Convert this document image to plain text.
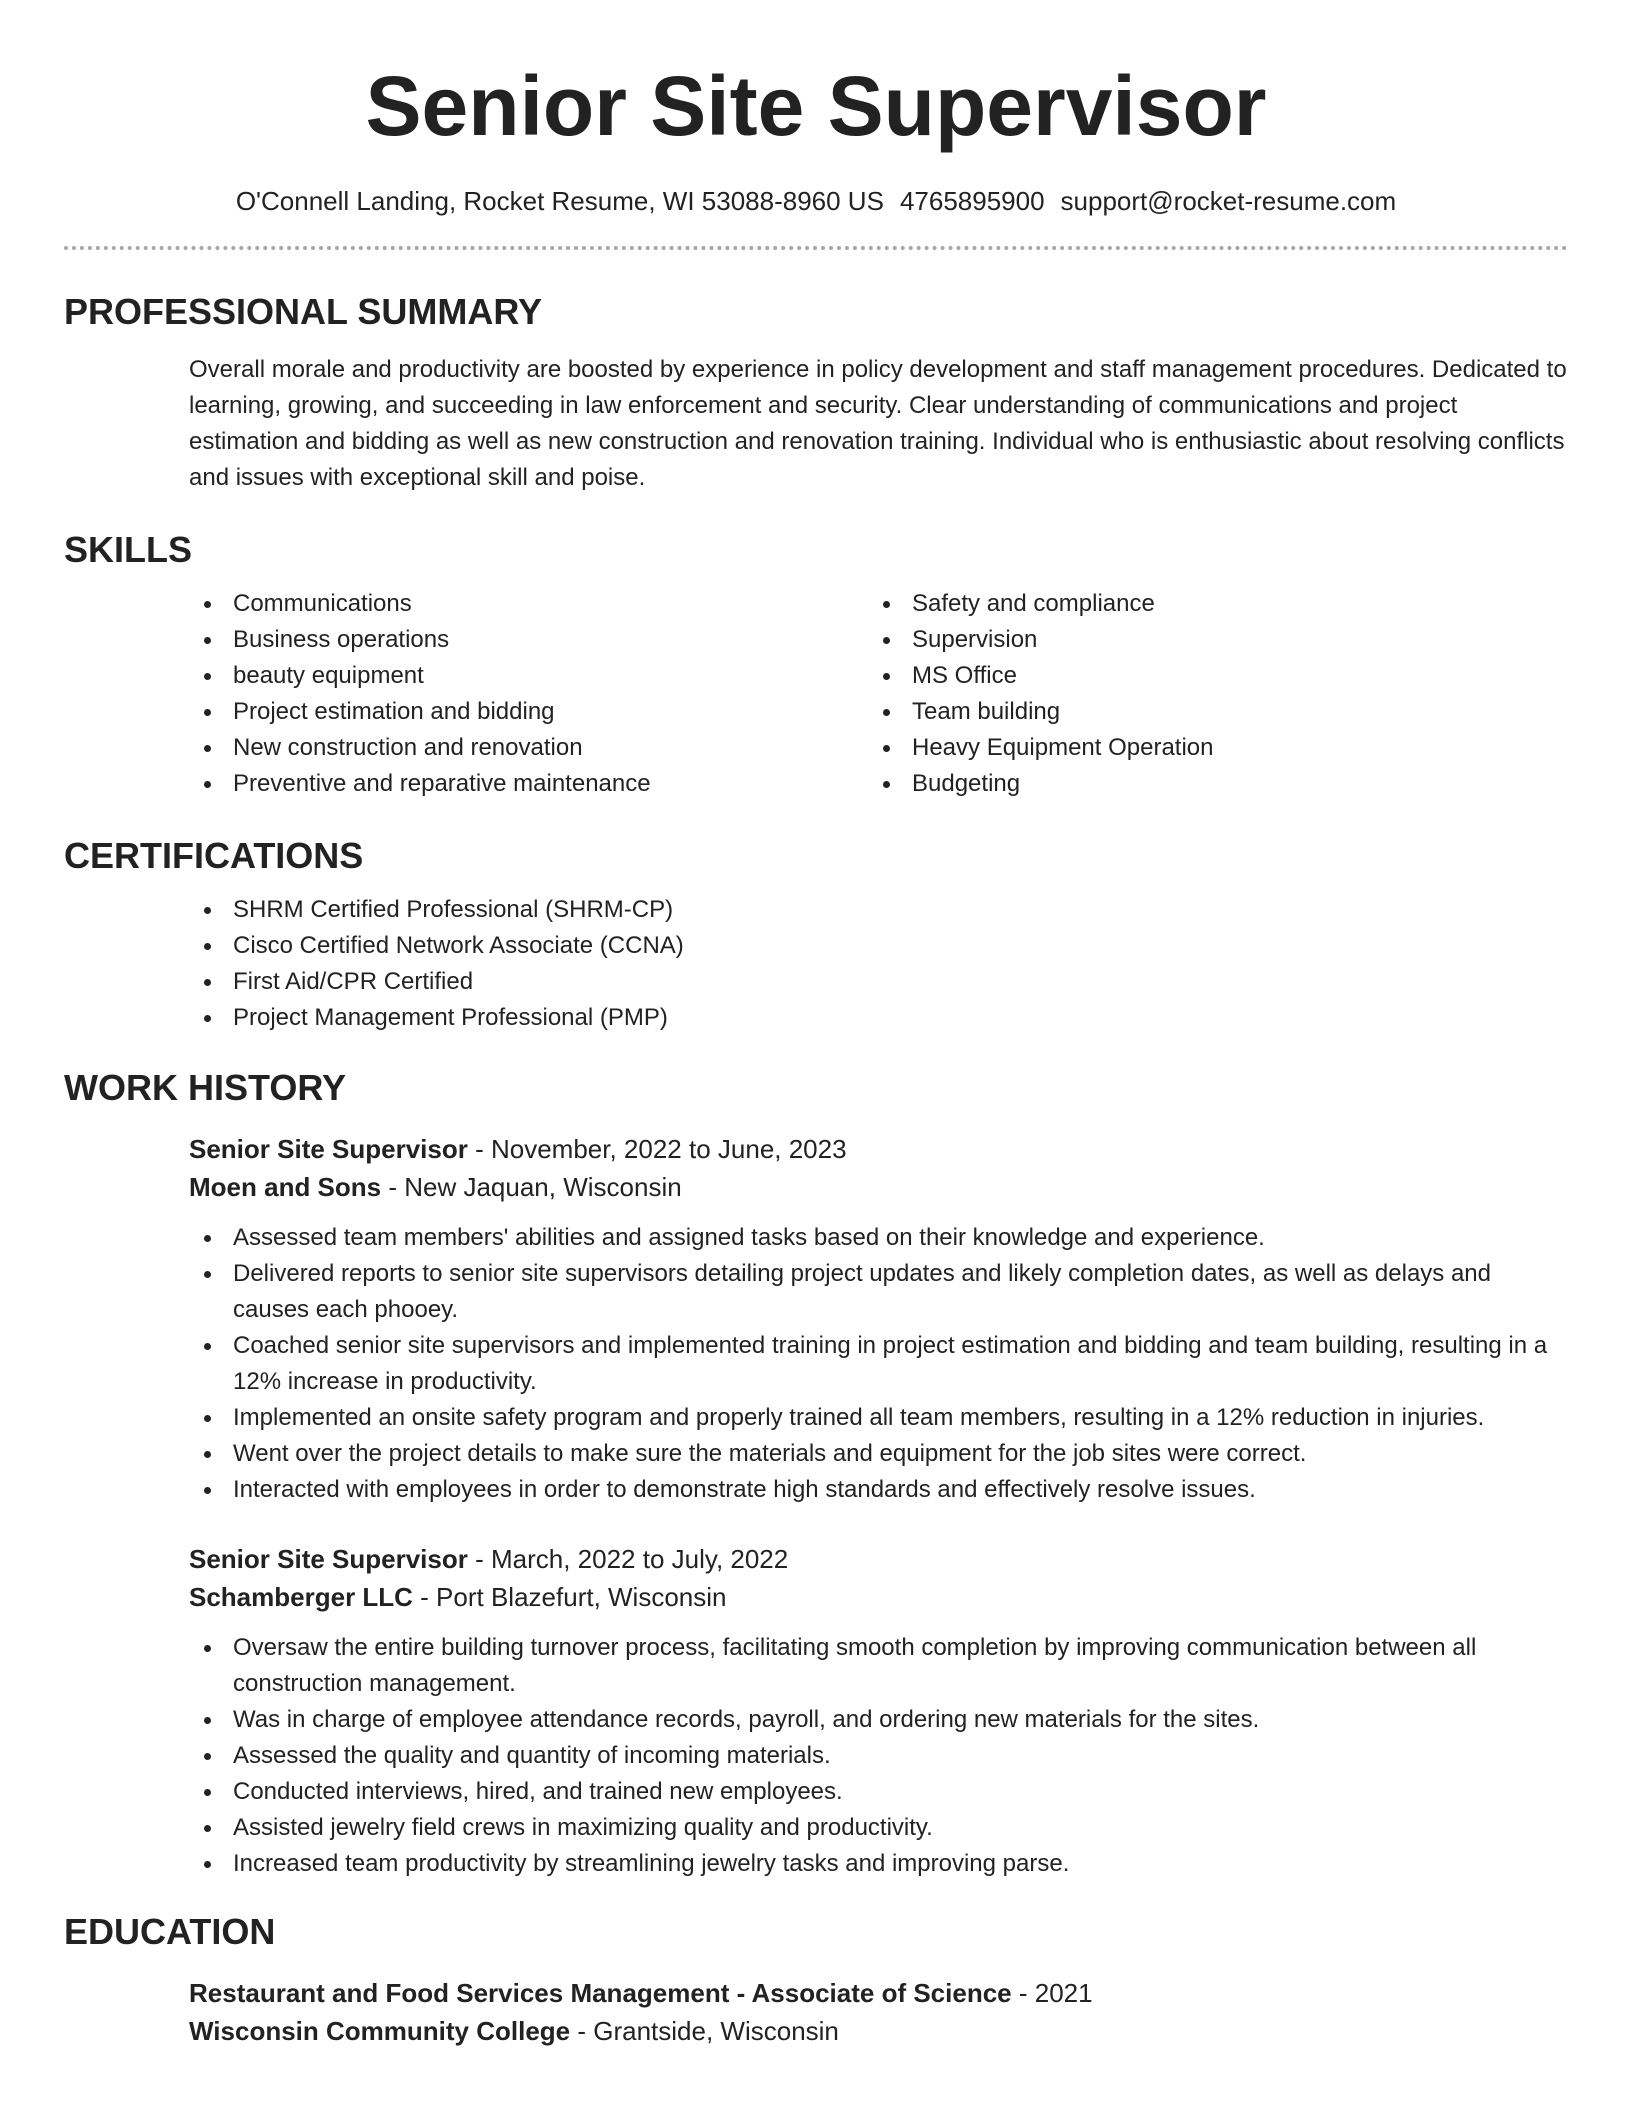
Senior Site Supervisor
O'Connell Landing, Rocket Resume, WI 53088-8960 US 4765895900 support@rocket-resume.com
PROFESSIONAL SUMMARY

Overall morale and productivity are boosted by experience in policy development and staff management procedures. Dedicated to learning, growing, and succeeding in law enforcement and security. Clear understanding of communications and project estimation and bidding as well as new construction and renovation training. Individual who is enthusiastic about resolving conflicts and issues with exceptional skill and poise.

SKILLS
Communications
Business operations
beauty equipment
Project estimation and bidding
New construction and renovation
Preventive and reparative maintenance
Safety and compliance
Supervision
MS Office
Team building
Heavy Equipment Operation
Budgeting
CERTIFICATIONS
SHRM Certified Professional (SHRM-CP)
Cisco Certified Network Associate (CCNA)
First Aid/CPR Certified
Project Management Professional (PMP)
WORK HISTORY
Senior Site Supervisor - November, 2022 to June, 2023
Moen and Sons - New Jaquan, Wisconsin
Assessed team members' abilities and assigned tasks based on their knowledge and experience.
Delivered reports to senior site supervisors detailing project updates and likely completion dates, as well as delays and causes each phooey.
Coached senior site supervisors and implemented training in project estimation and bidding and team building, resulting in a 12% increase in productivity.
Implemented an onsite safety program and properly trained all team members, resulting in a 12% reduction in injuries.
Went over the project details to make sure the materials and equipment for the job sites were correct.
Interacted with employees in order to demonstrate high standards and effectively resolve issues.
Senior Site Supervisor - March, 2022 to July, 2022
Schamberger LLC - Port Blazefurt, Wisconsin
Oversaw the entire building turnover process, facilitating smooth completion by improving communication between all construction management.
Was in charge of employee attendance records, payroll, and ordering new materials for the sites.
Assessed the quality and quantity of incoming materials.
Conducted interviews, hired, and trained new employees.
Assisted jewelry field crews in maximizing quality and productivity.
Increased team productivity by streamlining jewelry tasks and improving parse.
EDUCATION
Restaurant and Food Services Management - Associate of Science - 2021
Wisconsin Community College - Grantside, Wisconsin
